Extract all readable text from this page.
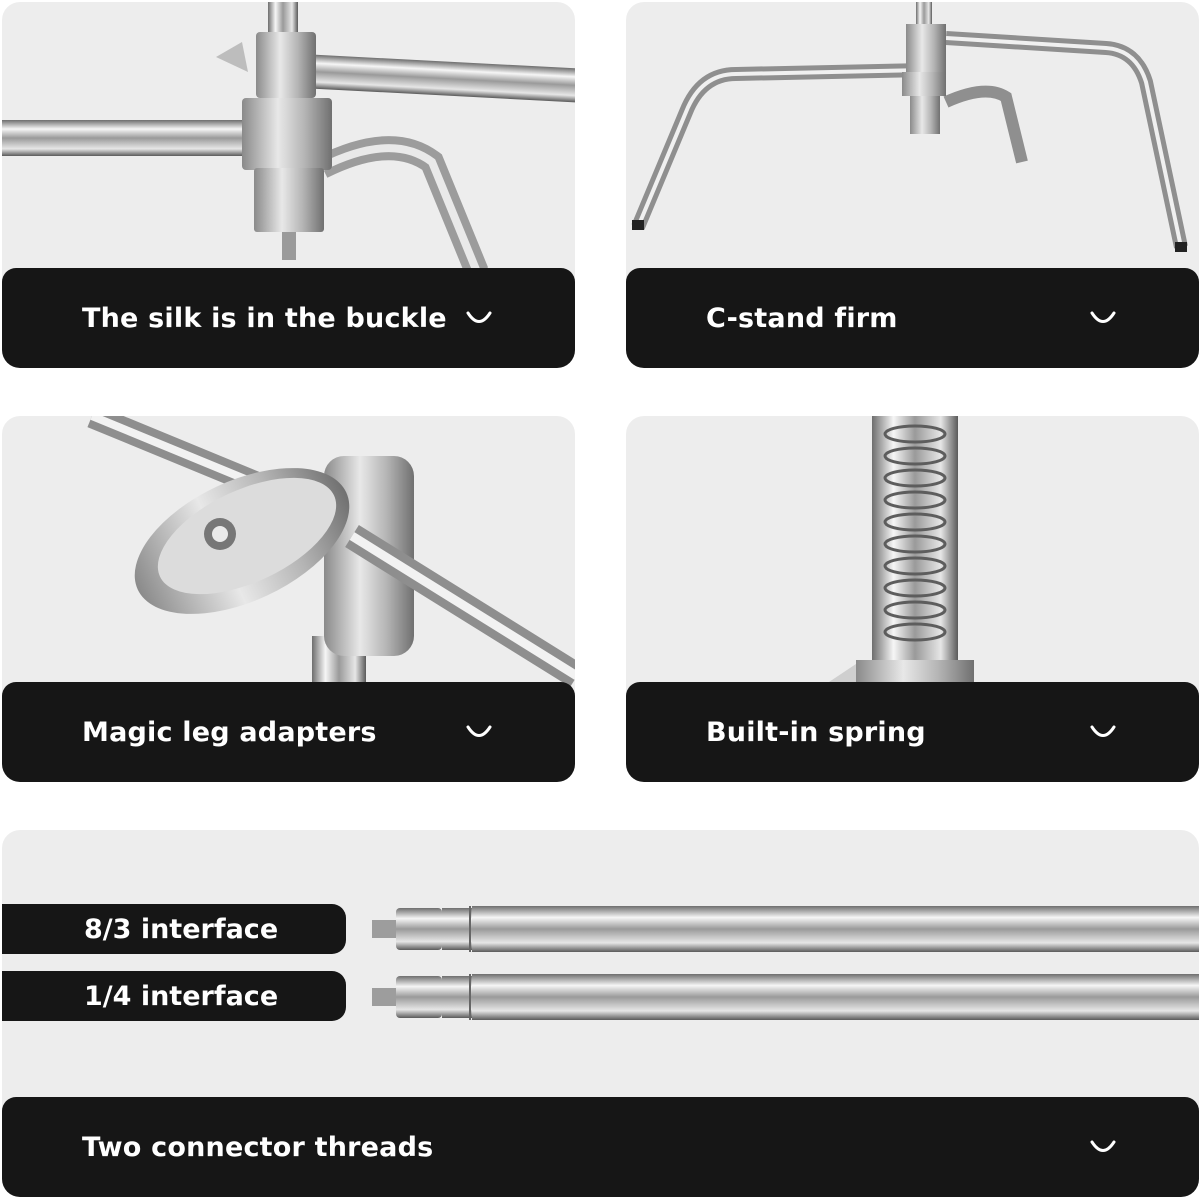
The silk is in the buckle	C-stand firm
Magic leg adapters	Built-in spring
8/3 interface
1/4 interface
Two connector threads
